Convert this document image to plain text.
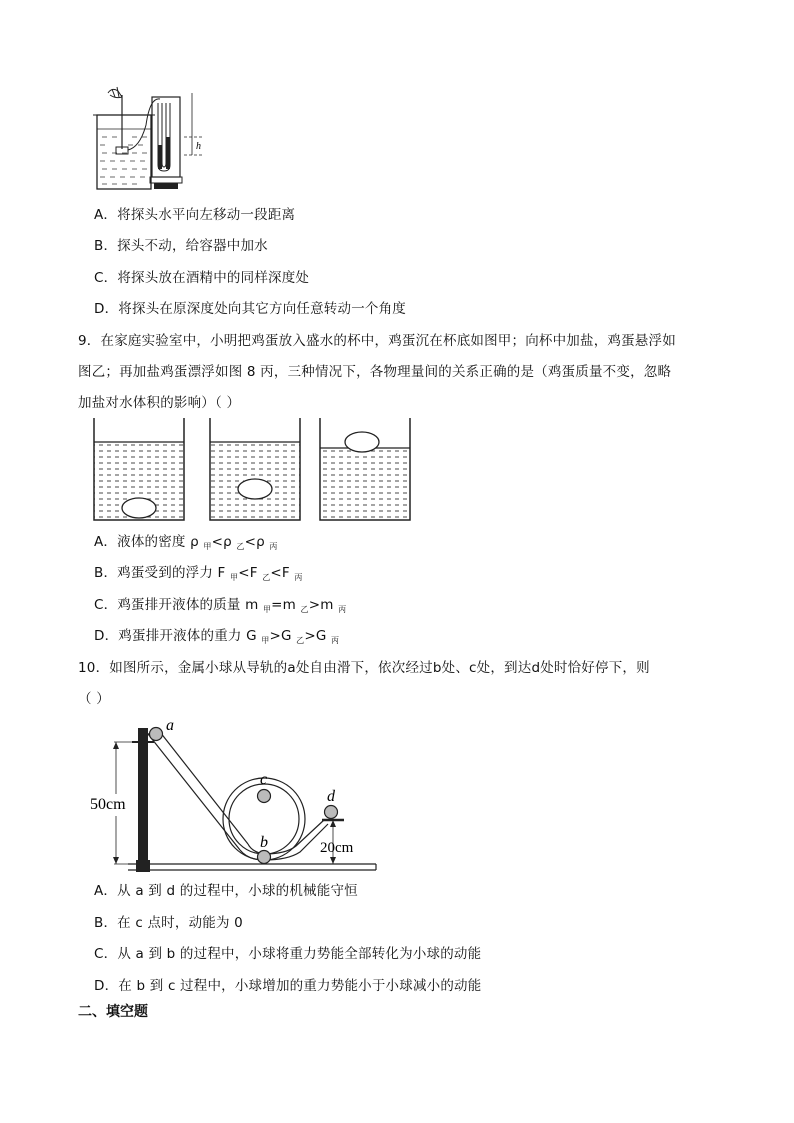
h
A．将探头水平向左移动一段距离
B．探头不动，给容器中加水
C．将探头放在酒精中的同样深度处
D．将探头在原深度处向其它方向任意转动一个角度
9．在家庭实验室中，小明把鸡蛋放入盛水的杯中，鸡蛋沉在杯底如图甲；向杯中加盐，鸡蛋悬浮如
图乙；再加盐鸡蛋漂浮如图 8 丙，三种情况下，各物理量间的关系正确的是（鸡蛋质量不变，忽略
加盐对水体积的影响）（ ）
A．液体的密度 ρ $_甲$<ρ $_乙$<ρ $_丙$
B．鸡蛋受到的浮力 F $_甲$<F $_乙$<F $_丙$
C．鸡蛋排开液体的质量 m $_甲$=m $_乙$>m $_丙$
D．鸡蛋排开液体的重力 G $_甲$>G $_乙$>G $_丙$
10．如图所示，金属小球从导轨的a处自由滑下，依次经过b处、c处，到达d处时恰好停下，则
（ ）
50cm
20cm
a
c
b
d
A．从 a 到 d 的过程中，小球的机械能守恒
B．在 c 点时，动能为 0
C．从 a 到 b 的过程中，小球将重力势能全部转化为小球的动能
D．在 b 到 c 过程中，小球增加的重力势能小于小球减小的动能
二、填空题
